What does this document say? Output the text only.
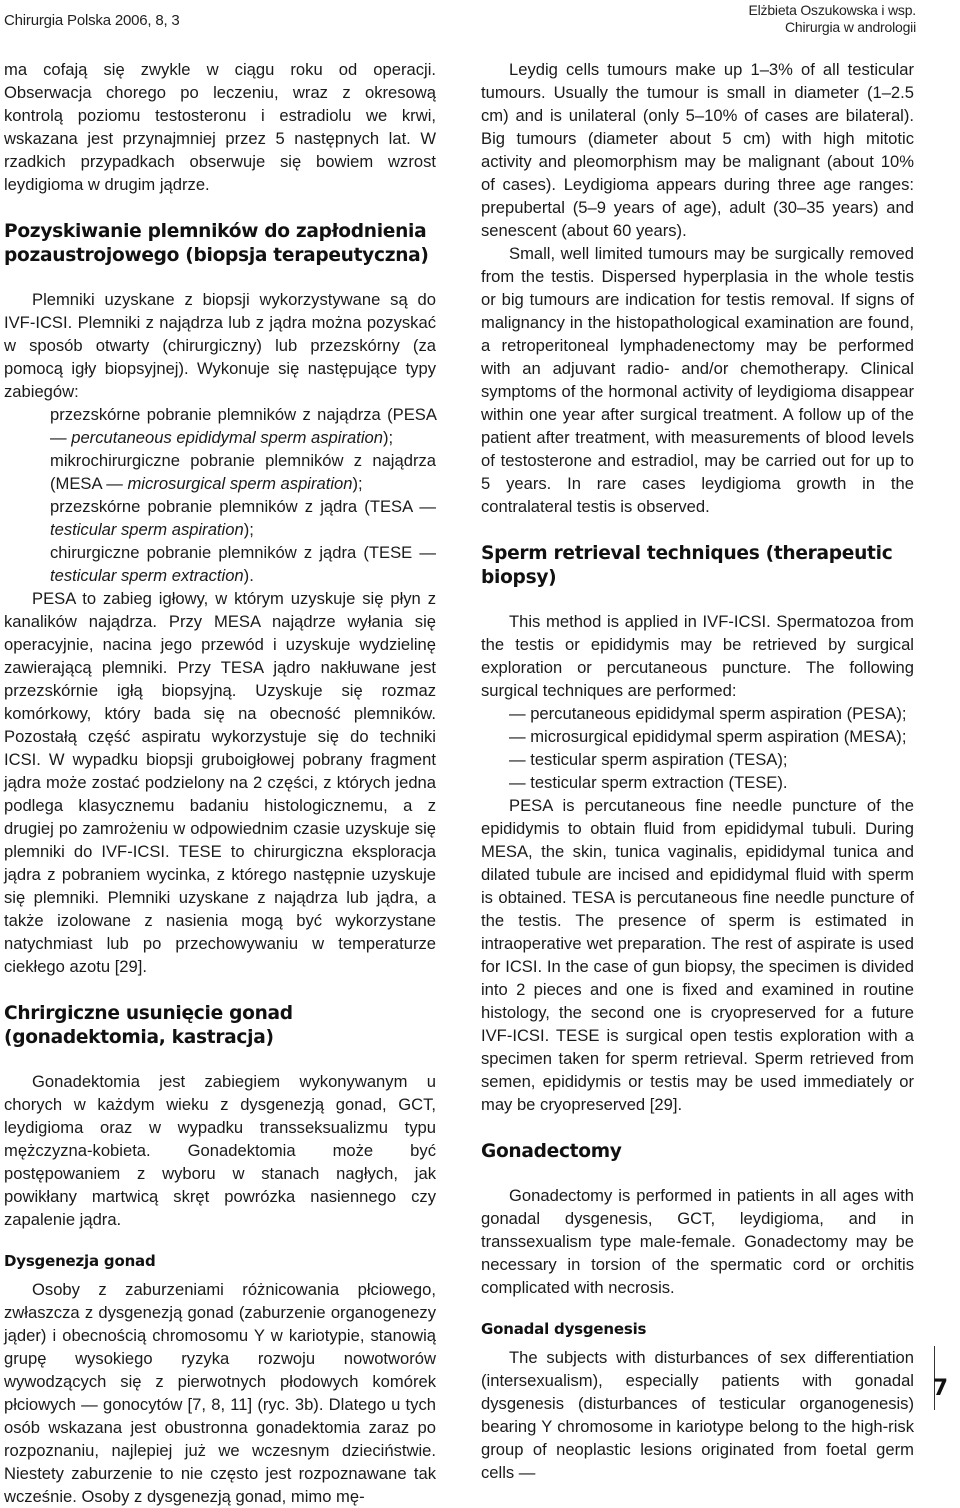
Chirurgia Polska 2006, 8, 3
Elżbieta Oszukowska i wsp.
Chirurgia w andrologii

ma cofają się zwykle w ciągu roku od operacji. Obserwacja chorego po leczeniu, wraz z okresową kontrolą poziomu testosteronu i estradiolu we krwi, wskazana jest przynajmniej przez 5 następnych lat. W rzadkich przypadkach obserwuje się bowiem wzrost leydigioma w drugim jądrze.

Pozyskiwanie plemników do zapłodnienia pozaustrojowego (biopsja terapeutyczna)

Plemniki uzyskane z biopsji wykorzystywane są do IVF-ICSI. Plemniki z najądrza lub z jądra można pozyskać w sposób otwarty (chirurgiczny) lub przezskórny (za pomocą igły biopsyjnej). Wykonuje się następujące typy zabiegów:

przezskórne pobranie plemników z najądrza (PESA — percutaneous epididymal sperm aspiration);
mikrochirurgiczne pobranie plemników z najądrza (MESA — microsurgical sperm aspiration);
przezskórne pobranie plemników z jądra (TESA — testicular sperm aspiration);
chirurgiczne pobranie plemników z jądra (TESE — testicular sperm extraction).

PESA to zabieg igłowy, w którym uzyskuje się płyn z kanalików najądrza. Przy MESA najądrze wyłania się operacyjnie, nacina jego przewód i uzyskuje wydzielinę zawierającą plemniki. Przy TESA jądro nakłuwane jest przezskórnie igłą biopsyjną. Uzyskuje się rozmaz komórkowy, który bada się na obecność plemników. Pozostałą część aspiratu wykorzystuje się do techniki ICSI. W wypadku biopsji gruboigłowej pobrany fragment jądra może zostać podzielony na 2 części, z których jedna podlega klasycznemu badaniu histologicznemu, a z drugiej po zamrożeniu w odpowiednim czasie uzyskuje się plemniki do IVF-ICSI. TESE to chirurgiczna eksploracja jądra z pobraniem wycinka, z którego następnie uzyskuje się plemniki. Plemniki uzyskane z najądrza lub jądra, a także izolowane z nasienia mogą być wykorzystane natychmiast lub po przechowywaniu w temperaturze ciekłego azotu [29].

Chrirgiczne usunięcie gonad (gonadektomia, kastracja)

Gonadektomia jest zabiegiem wykonywanym u chorych w każdym wieku z dysgenezją gonad, GCT, leydigioma oraz w wypadku transseksualizmu typu mężczyzna-kobieta. Gonadektomia może być postępowaniem z wyboru w stanach nagłych, jak powikłany martwicą skręt powrózka nasiennego czy zapalenie jądra.

Dysgenezja gonad

Osoby z zaburzeniami różnicowania płciowego, zwłaszcza z dysgenezją gonad (zaburzenie organogenezy jąder) i obecnością chromosomu Y w kariotypie, stanowią grupę wysokiego ryzyka rozwoju nowotworów wywodzących się z pierwotnych płodowych komórek płciowych — gonocytów [7, 8, 11] (ryc. 3b). Dlatego u tych osób wskazana jest obustronna gonadektomia zaraz po rozpoznaniu, najlepiej już we wczesnym dzieciństwie. Niestety zaburzenie to nie często jest rozpoznawane tak wcześnie. Osoby z dysgenezją gonad, mimo mę-

Leydig cells tumours make up 1–3% of all testicular tumours. Usually the tumour is small in diameter (1–2.5 cm) and is unilateral (only 5–10% of cases are bilateral). Big tumours (diameter about 5 cm) with high mitotic activity and pleomorphism may be malignant (about 10% of cases). Leydigioma appears during three age ranges: prepubertal (5–9 years of age), adult (30–35 years) and senescent (about 60 years).

Small, well limited tumours may be surgically removed from the testis. Dispersed hyperplasia in the whole testis or big tumours are indication for testis removal. If signs of malignancy in the histopathological examination are found, a retroperitoneal lymphadenectomy may be performed with an adjuvant radio- and/or chemotherapy. Clinical symptoms of the hormonal activity of leydigioma disappear within one year after surgical treatment. A follow up of the patient after treatment, with measurements of blood levels of testosterone and estradiol, may be carried out for up to 5 years. In rare cases leydigioma growth in the contralateral testis is observed.

Sperm retrieval techniques (therapeutic biopsy)

This method is applied in IVF-ICSI. Spermatozoa from the testis or epididymis may be retrieved by surgical exploration or percutaneous puncture. The following surgical techniques are performed:

— percutaneous epididymal sperm aspiration (PESA);
— microsurgical epididymal sperm aspiration (MESA);
— testicular sperm aspiration (TESA);
— testicular sperm extraction (TESE).

PESA is percutaneous fine needle puncture of the epididymis to obtain fluid from epididymal tubuli. During MESA, the skin, tunica vaginalis, epididymal tunica and dilated tubule are incised and epididymal fluid with sperm is obtained. TESA is percutaneous fine needle puncture of the testis. The presence of sperm is estimated in intraoperative wet preparation. The rest of aspirate is used for ICSI. In the case of gun biopsy, the specimen is divided into 2 pieces and one is fixed and examined in routine histology, the second one is cryopreserved for a future IVF-ICSI. TESE is surgical open testis exploration with a specimen taken for sperm retrieval. Sperm retrieved from semen, epididymis or testis may be used immediately or may be cryopreserved [29].

Gonadectomy

Gonadectomy is performed in patients in all ages with gonadal dysgenesis, GCT, leydigioma, and in transsexualism type male-female. Gonadectomy may be necessary in torsion of the spermatic cord or orchitis complicated with necrosis.

Gonadal dysgenesis

The subjects with disturbances of sex differentiation (intersexualism), especially patients with gonadal dysgenesis (disturbances of testicular organogenesis) bearing Y chromosome in kariotype belong to the high-risk group of neoplastic lesions originated from foetal germ cells —

7
